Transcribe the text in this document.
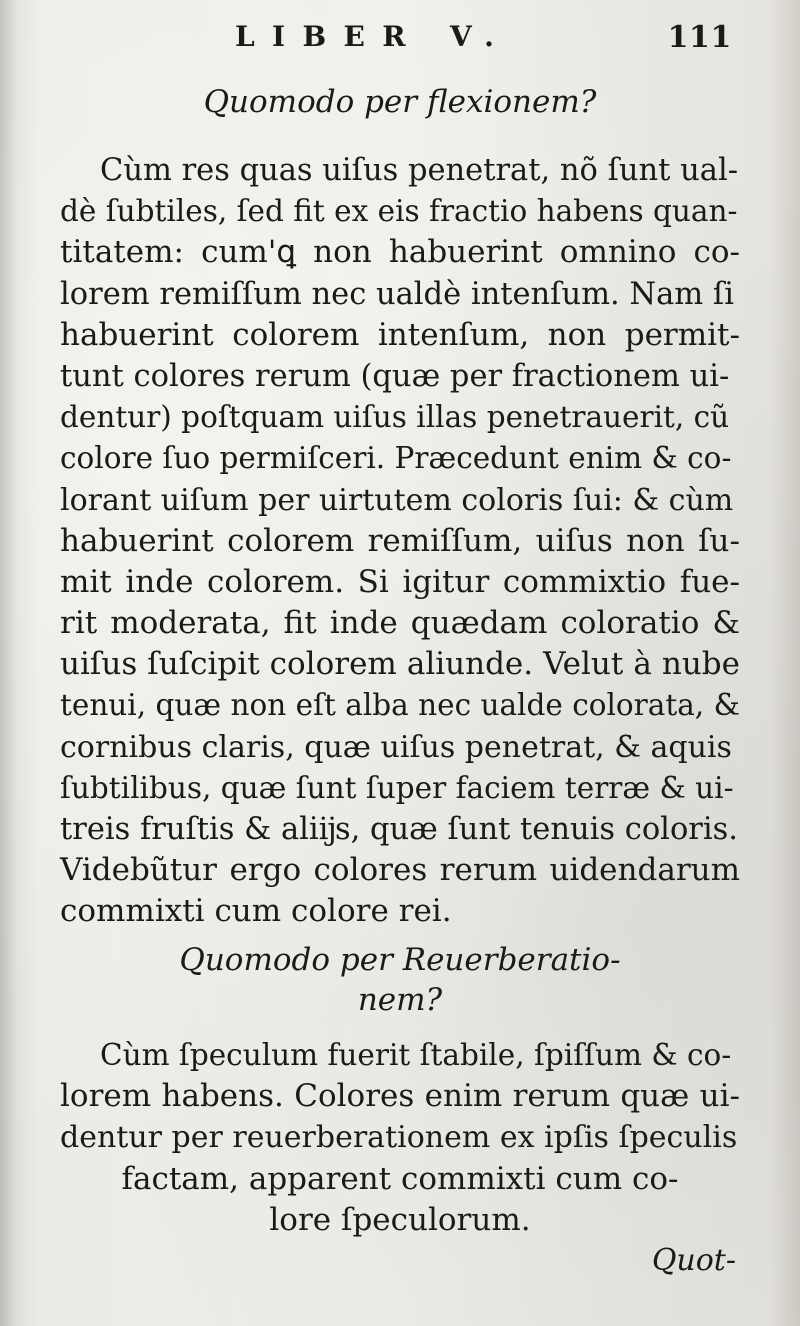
LIBER V.	111
Quomodo per flexionem?
Cùm res quas uiſus penetrat, nõ ſunt ual-
dè ſubtiles, ſed fit ex eis fractio habens quan-
titatem: cum'ꝗ non habuerint omnino co-
lorem remiſſum nec ualdè intenſum. Nam ſi
habuerint colorem intenſum, non permit-
tunt colores rerum (quæ per fractionem ui-
dentur) poſtquam uiſus illas penetrauerit, cũ
colore ſuo permiſceri. Præcedunt enim & co-
lorant uiſum per uirtutem coloris ſui: & cùm
habuerint colorem remiſſum, uiſus non ſu-
mit inde colorem. Si igitur commixtio fue-
rit moderata, fit inde quædam coloratio &
uiſus ſuſcipit colorem aliunde. Velut à nube
tenui, quæ non eſt alba nec ualde colorata, &
cornibus claris, quæ uiſus penetrat, & aquis
ſubtilibus, quæ ſunt ſuper faciem terræ & ui-
treis fruſtis & aliĳs, quæ ſunt tenuis coloris.
Videbũtur ergo colores rerum uidendarum
commixti cum colore rei.
Quomodo per Reuerberatio-
nem?
Cùm ſpeculum fuerit ſtabile, ſpiſſum & co-
lorem habens. Colores enim rerum quæ ui-
dentur per reuerberationem ex ipſis ſpeculis
factam, apparent commixti cum co-
lore ſpeculorum.
Quot-
